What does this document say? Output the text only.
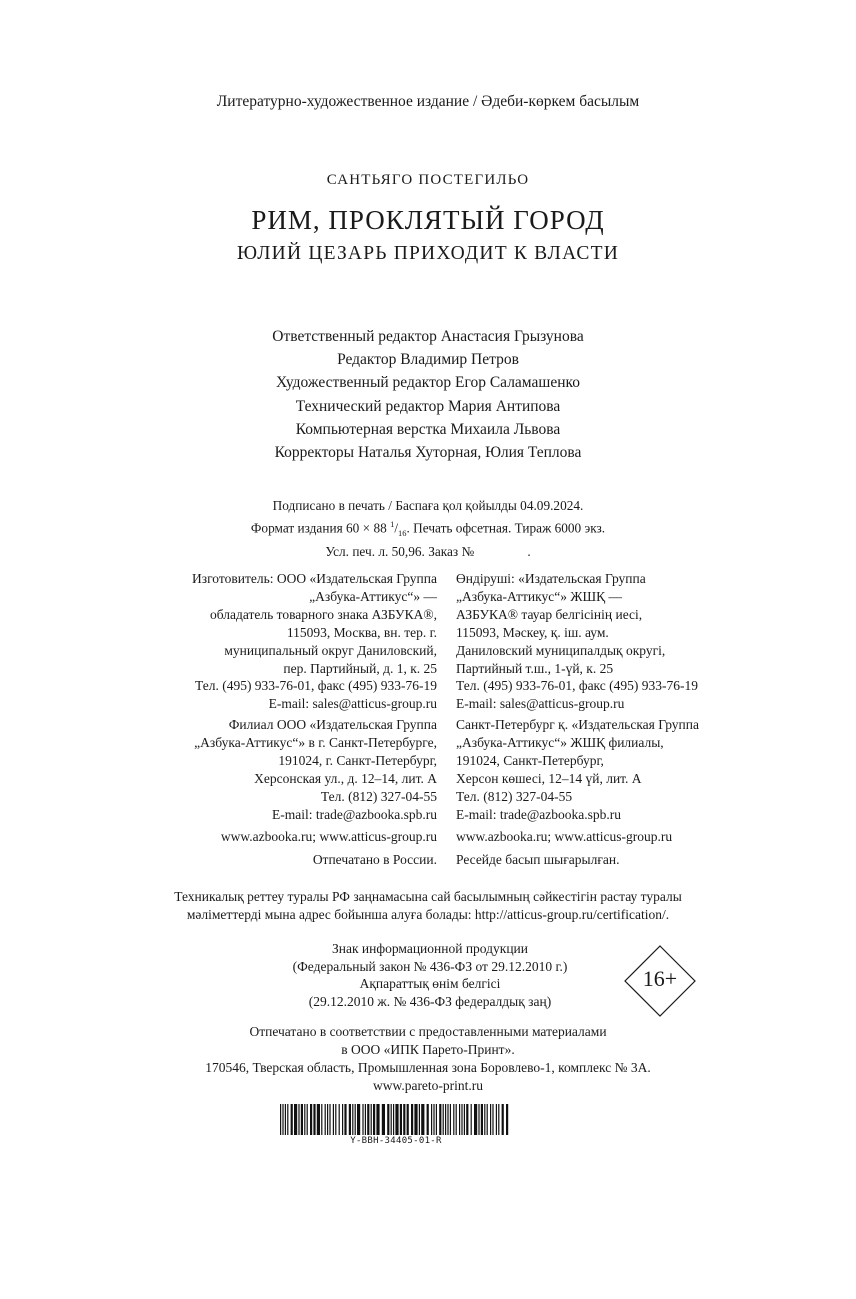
Литературно-художественное издание / Әдеби-көркем басылым
САНТЬЯГО ПОСТЕГИЛЬО
РИМ, ПРОКЛЯТЫЙ ГОРОД
ЮЛИЙ ЦЕЗАРЬ ПРИХОДИТ К ВЛАСТИ
Ответственный редактор Анастасия Грызунова
Редактор Владимир Петров
Художественный редактор Егор Саламашенко
Технический редактор Мария Антипова
Компьютерная верстка Михаила Львова
Корректоры Наталья Хуторная, Юлия Теплова
Подписано в печать / Баспаға қол қойылды 04.09.2024.
Формат издания 60 × 88 $^1/_{16}$. Печать офсетная. Тираж 6000 экз.
Усл. печ. л. 50,96. Заказ №                .
Изготовитель: ООО «Издательская Группа
„Азбука-Аттикус“» —
обладатель товарного знака АЗБУКА®,
115093, Москва, вн. тер. г.
муниципальный округ Даниловский,
пер. Партийный, д. 1, к. 25
Тел. (495) 933-76-01, факс (495) 933-76-19
E-mail: sales@atticus-group.ru
Филиал ООО «Издательская Группа
„Азбука-Аттикус“» в г. Санкт-Петербурге,
191024, г. Санкт-Петербург,
Херсонская ул., д. 12–14, лит. А
Тел. (812) 327-04-55
E-mail: trade@azbooka.spb.ru
www.azbooka.ru; www.atticus-group.ru
Отпечатано в России.
Өндіруші: «Издательская Группа
„Азбука-Аттикус“» ЖШҚ —
АЗБУКА® тауар белгісінің иесі,
115093, Мәскеу, қ. іш. аум.
Даниловский муниципалдық округі,
Партийный т.ш., 1-үй, к. 25
Тел. (495) 933-76-01, факс (495) 933-76-19
E-mail: sales@atticus-group.ru
Санкт-Петербург қ. «Издательская Группа
„Азбука-Аттикус“» ЖШҚ филиалы,
191024, Санкт-Петербург,
Херсон көшесі, 12–14 үй, лит. А
Тел. (812) 327-04-55
E-mail: trade@azbooka.spb.ru
www.azbooka.ru; www.atticus-group.ru
Ресейде басып шығарылған.
Техникалық реттеу туралы РФ заңнамасына сай басылымның сәйкестігін растау туралы
мәліметтерді мына адрес бойынша алуға болады: http://atticus-group.ru/certification/.
Знак информационной продукции
(Федеральный закон № 436-ФЗ от 29.12.2010 г.)
Ақпараттық өнім белгісі
(29.12.2010 ж. № 436-ФЗ федералдық заң)
16+
Отпечатано в соответствии с предоставленными материалами
в ООО «ИПК Парето-Принт».
170546, Тверская область, Промышленная зона Боровлево-1, комплекс № 3А.
www.pareto-print.ru
Y-BBH-34405-01-R
